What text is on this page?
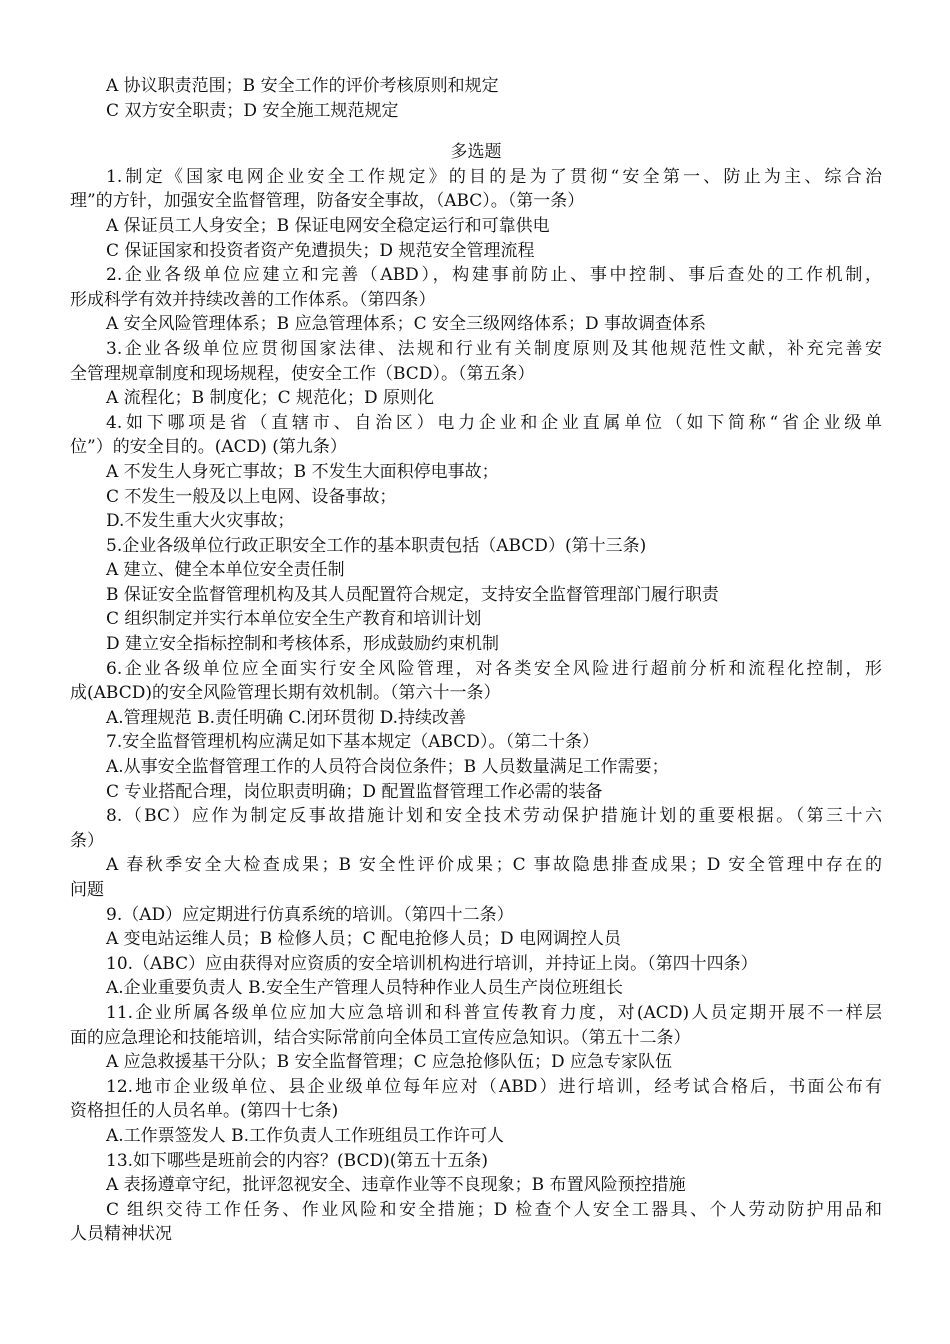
A 协议职责范围；B 安全工作的评价考核原则和规定
C 双方安全职责；D 安全施工规范规定
多选题
1.制定《国家电网企业安全工作规定》的目的是为了贯彻“安全第一、防止为主、综合治
理”的方针，加强安全监督管理，防备安全事故，（ABC）。（第一条）
A 保证员工人身安全；B 保证电网安全稳定运行和可靠供电
C 保证国家和投资者资产免遭损失；D 规范安全管理流程
2.企业各级单位应建立和完善（ABD），构建事前防止、事中控制、事后查处的工作机制，
形成科学有效并持续改善的工作体系。（第四条）
A 安全风险管理体系；B 应急管理体系；C 安全三级网络体系；D 事故调查体系
3.企业各级单位应贯彻国家法律、法规和行业有关制度原则及其他规范性文献，补充完善安
全管理规章制度和现场规程，使安全工作（BCD）。（第五条）
A 流程化；B 制度化；C 规范化；D 原则化
4.如下哪项是省（直辖市、自治区）电力企业和企业直属单位（如下简称“省企业级单
位”）的安全目的。(ACD) (第九条）
A 不发生人身死亡事故；B 不发生大面积停电事故；
C 不发生一般及以上电网、设备事故；
D.不发生重大火灾事故；
5.企业各级单位行政正职安全工作的基本职责包括（ABCD）(第十三条)
A 建立、健全本单位安全责任制
B 保证安全监督管理机构及其人员配置符合规定，支持安全监督管理部门履行职责
C 组织制定并实行本单位安全生产教育和培训计划
D 建立安全指标控制和考核体系，形成鼓励约束机制
6.企业各级单位应全面实行安全风险管理，对各类安全风险进行超前分析和流程化控制，形
成(ABCD)的安全风险管理长期有效机制。（第六十一条）
A.管理规范 B.责任明确 C.闭环贯彻 D.持续改善
7.安全监督管理机构应满足如下基本规定（ABCD）。（第二十条）
A.从事安全监督管理工作的人员符合岗位条件；B 人员数量满足工作需要；
C 专业搭配合理，岗位职责明确；D 配置监督管理工作必需的装备
8.（BC）应作为制定反事故措施计划和安全技术劳动保护措施计划的重要根据。（第三十六
条）
A 春秋季安全大检查成果；B 安全性评价成果；C 事故隐患排查成果；D 安全管理中存在的
问题
9.（AD）应定期进行仿真系统的培训。（第四十二条）
A 变电站运维人员；B 检修人员；C 配电抢修人员；D 电网调控人员
10.（ABC）应由获得对应资质的安全培训机构进行培训，并持证上岗。（第四十四条）
A.企业重要负责人 B.安全生产管理人员特种作业人员生产岗位班组长
11.企业所属各级单位应加大应急培训和科普宣传教育力度，对(ACD)人员定期开展不一样层
面的应急理论和技能培训，结合实际常前向全体员工宣传应急知识。（第五十二条）
A 应急救援基干分队；B 安全监督管理；C 应急抢修队伍；D 应急专家队伍
12.地市企业级单位、县企业级单位每年应对（ABD）进行培训，经考试合格后，书面公布有
资格担任的人员名单。(第四十七条)
A.工作票签发人 B.工作负责人工作班组员工作许可人
13.如下哪些是班前会的内容？(BCD)(第五十五条)
A 表扬遵章守纪，批评忽视安全、违章作业等不良现象；B 布置风险预控措施
C 组织交待工作任务、作业风险和安全措施；D 检查个人安全工器具、个人劳动防护用品和
人员精神状况
